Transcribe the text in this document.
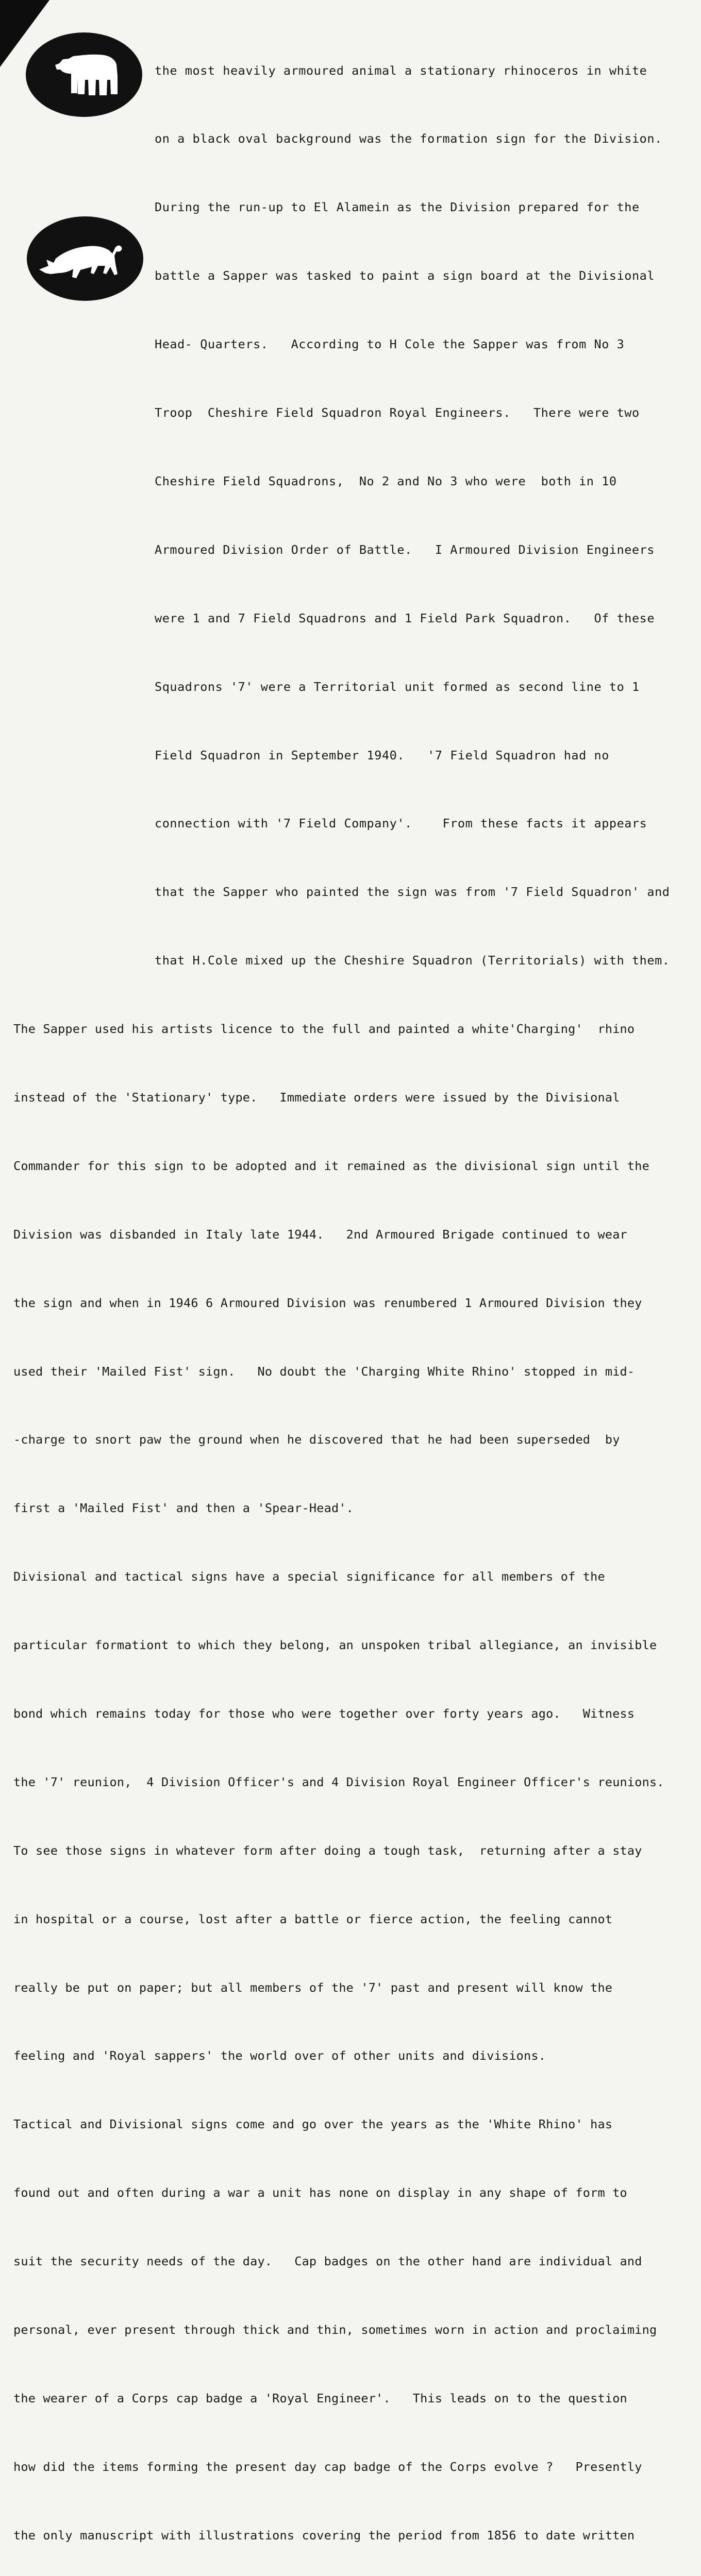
the most heavily armoured animal a stationary rhinoceros in white

on a black oval background was the formation sign for the Division.

During the run-up to El Alamein as the Division prepared for the

battle a Sapper was tasked to paint a sign board at the Divisional

Head- Quarters.   According to H Cole the Sapper was from No 3

Troop  Cheshire Field Squadron Royal Engineers.   There were two

Cheshire Field Squadrons,  No 2 and No 3 who were  both in 10

Armoured Division Order of Battle.   I Armoured Division Engineers

were 1 and 7 Field Squadrons and 1 Field Park Squadron.   Of these

Squadrons '7' were a Territorial unit formed as second line to 1

Field Squadron in September 1940.   '7 Field Squadron had no

connection with '7 Field Company'.    From these facts it appears

that the Sapper who painted the sign was from '7 Field Squadron' and

that H.Cole mixed up the Cheshire Squadron (Territorials) with them.

The Sapper used his artists licence to the full and painted a white'Charging'  rhino

instead of the 'Stationary' type.   Immediate orders were issued by the Divisional

Commander for this sign to be adopted and it remained as the divisional sign until the

Division was disbanded in Italy late 1944.   2nd Armoured Brigade continued to wear

the sign and when in 1946 6 Armoured Division was renumbered 1 Armoured Division they

used their 'Mailed Fist' sign.   No doubt the 'Charging White Rhino' stopped in mid-

-charge to snort paw the ground when he discovered that he had been superseded  by

first a 'Mailed Fist' and then a 'Spear-Head'.

Divisional and tactical signs have a special significance for all members of the

particular formationt to which they belong, an unspoken tribal allegiance, an invisible

bond which remains today for those who were together over forty years ago.   Witness

the '7' reunion,  4 Division Officer's and 4 Division Royal Engineer Officer's reunions.

To see those signs in whatever form after doing a tough task,  returning after a stay

in hospital or a course, lost after a battle or fierce action, the feeling cannot

really be put on paper; but all members of the '7' past and present will know the

feeling and 'Royal sappers' the world over of other units and divisions.

Tactical and Divisional signs come and go over the years as the 'White Rhino' has

found out and often during a war a unit has none on display in any shape of form to

suit the security needs of the day.   Cap badges on the other hand are individual and

personal, ever present through thick and thin, sometimes worn in action and proclaiming

the wearer of a Corps cap badge a 'Royal Engineer'.   This leads on to the question

how did the items forming the present day cap badge of the Corps evolve ?   Presently

the only manuscript with illustrations covering the period from 1856 to date written
